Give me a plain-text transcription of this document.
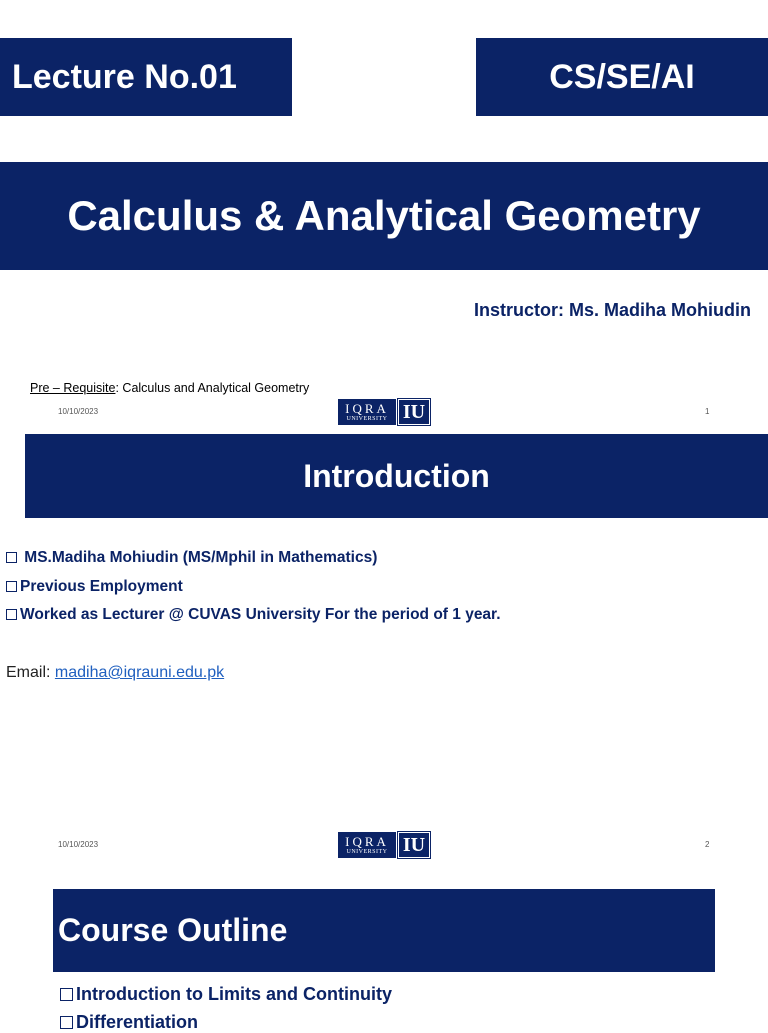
Lecture No.01	CS/SE/AI
Calculus & Analytical Geometry
Instructor: Ms. Madiha Mohiudin
Pre – Requisite: Calculus and Analytical Geometry
10/10/2023	IQRA
UNIVERSITY IU	1
Introduction
MS.Madiha Mohiudin (MS/Mphil in Mathematics)
Previous Employment
Worked as Lecturer @ CUVAS University For the period of 1 year.
Email: madiha@iqrauni.edu.pk
10/10/2023	IQRA
UNIVERSITY IU	2
Course Outline
Introduction to Limits and Continuity
Differentiation
